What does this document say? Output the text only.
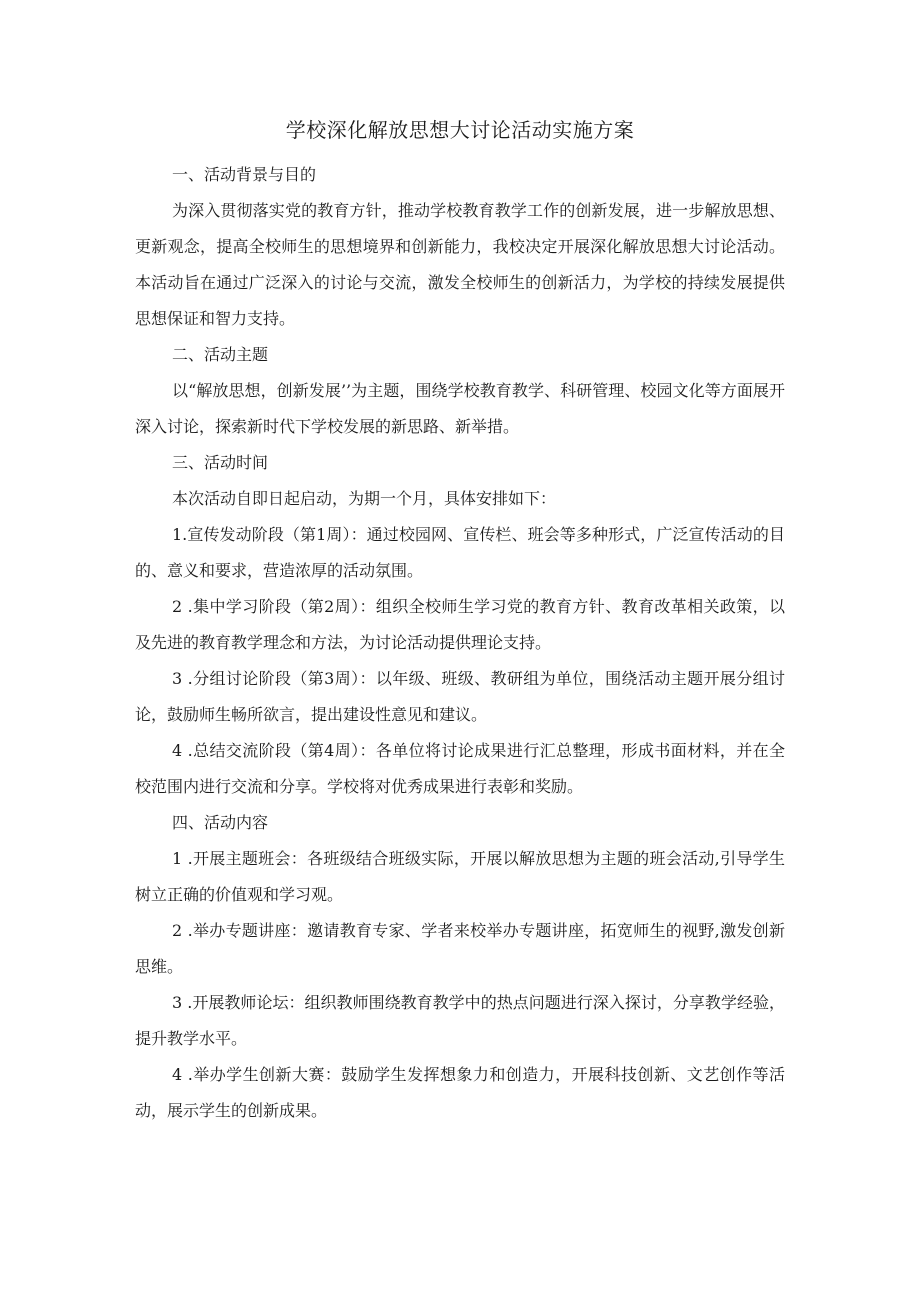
学校深化解放思想大讨论活动实施方案
一、活动背景与目的

为深入贯彻落实党的教育方针，推动学校教育教学工作的创新发展，进一步解放思想、更新观念，提高全校师生的思想境界和创新能力，我校决定开展深化解放思想大讨论活动。本活动旨在通过广泛深入的讨论与交流，激发全校师生的创新活力，为学校的持续发展提供思想保证和智力支持。

二、活动主题

以“解放思想，创新发展’’为主题，围绕学校教育教学、科研管理、校园文化等方面展开深入讨论，探索新时代下学校发展的新思路、新举措。

三、活动时间

本次活动自即日起启动，为期一个月，具体安排如下：

1.宣传发动阶段（第1周）：通过校园网、宣传栏、班会等多种形式，广泛宣传活动的目的、意义和要求，营造浓厚的活动氛围。

2 .集中学习阶段（第2周）：组织全校师生学习党的教育方针、教育改革相关政策，以及先进的教育教学理念和方法，为讨论活动提供理论支持。

3 .分组讨论阶段（第3周）：以年级、班级、教研组为单位，围绕活动主题开展分组讨论，鼓励师生畅所欲言，提出建设性意见和建议。

4 .总结交流阶段（第4周）：各单位将讨论成果进行汇总整理，形成书面材料，并在全校范围内进行交流和分享。学校将对优秀成果进行表彰和奖励。

四、活动内容

1 .开展主题班会：各班级结合班级实际，开展以解放思想为主题的班会活动,引导学生树立正确的价值观和学习观。

2 .举办专题讲座：邀请教育专家、学者来校举办专题讲座，拓宽师生的视野,激发创新思维。

3 .开展教师论坛：组织教师围绕教育教学中的热点问题进行深入探讨，分享教学经验，提升教学水平。

4 .举办学生创新大赛：鼓励学生发挥想象力和创造力，开展科技创新、文艺创作等活动，展示学生的创新成果。
